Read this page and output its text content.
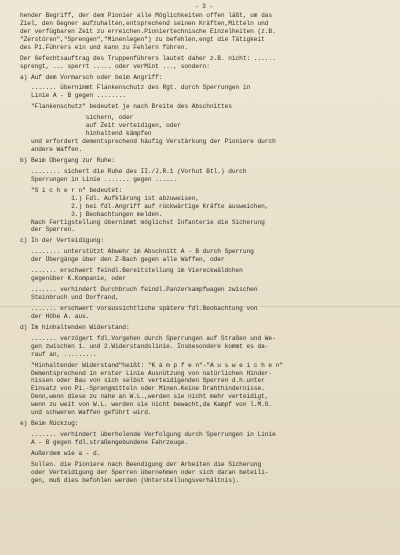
- 3 -
hender Begriff, der dem Pionier alle Möglichkeiten offen läßt, um das
Ziel, den Gegner aufzuhalten,entsprechend seinen Kräften,Mitteln und
der verfügbaren Zeit zu erreichen.Pioniertechnische Einzelheiten (z.B.
"Zerstören","Sprengen","Minenlegen") zu befehlen,engt die Tätigkeit
des Pi.Führers ein und kann zu Fehlern führen.
Der Gefechtsauftrag des Truppenführers lautet daher z.B. nicht: ......
sprengt, ... sperrt ..... oder verMint ..., sondern:
a) Auf dem Vormarsch oder beim Angriff:
....... übernimmt Flankenschutz des Rgt. durch Sperrungen in
Linie A - B gegen ........
"Flankenschutz" bedeutet je nach Breite des Abschnittes
sichern, oder
auf Zeit verteidigen, oder
hinhaltend kämpfen
und erfordert dementsprechend häufig Verstärkung der Pioniere durch
andere Waffen.
b) Beim Übergang zur Ruhe:
........ sichert die Ruhe des II./J.R.1 (Vorhut Btl.) durch
Sperrungen in Linie ....... gegen ......
"S i c h e r n" bedeutet:
1.) Fdl. Aufklärung ist abzuweisen,
2.) bei fdl.Angriff auf rückwärtige Kräfte ausweichen,
3.) Beobachtungen melden.
Nach Fertigstellung übernimmt möglichst Infanterie die Sicherung
der Sperren.
c) In der Verteidigung:
........ unterstützt Abwehr im Abschnitt A - B durch Sperrung
der Übergänge über den Z-Bach gegen alle Waffen, oder
....... erschwert feindl.Bereitstellung im Viereckwäldchen
gegenüber K.Kompanie, oder
....... verhindert Durchbruch feindl.Panzerkampfwagen zwischen
Steinbruch und Dorfrand,
....... erschwert voraussichtliche spätere fdl.Beobachtung von
der Höhe A. aus.
d) Im hinhaltenden Widerstand:
....... verzögert fdl.Vorgehen durch Sperrungen auf Straßen und We-
gen zwischen 1. und 2.Widerstandslinie. Insbesondere kommt es da-
rauf an, .........
"Hinhaltender Widerstand"heißt: "K ä m p f e n"-"A u s w e i c h e n"
Dementsprechend in erster Linie Ausnützung von natürlichen Hinder-
nissen oder Bau von sich selbst verteidigenden Sperren d.h.unter
Einsatz von Pi.-Sprengmitteln oder Minen.Keine Drahthindernisse.
Denn,wenn diese zu nahe an W.L.,werden sie nicht mehr verteidigt,
wenn zu weit von W.L. werden sie nicht bewacht,da Kampf von l.M.G.
und schweren Waffen geführt wird.
e) Beim Rückzug:
....... verhindert überholende Verfolgung durch Sperrungen in Linie
A - B gegen fdl.straßengebundene Fahrzeuge.
Außerdem wie a - d.
Sollen. die Pioniere nach Beendigung der Arbeiten die Sicherung
oder Verteidigung der Sperren übernehmen oder sich daran beteili-
gen, muß dies befohlen werden (Unterstellungsverhältnis).
